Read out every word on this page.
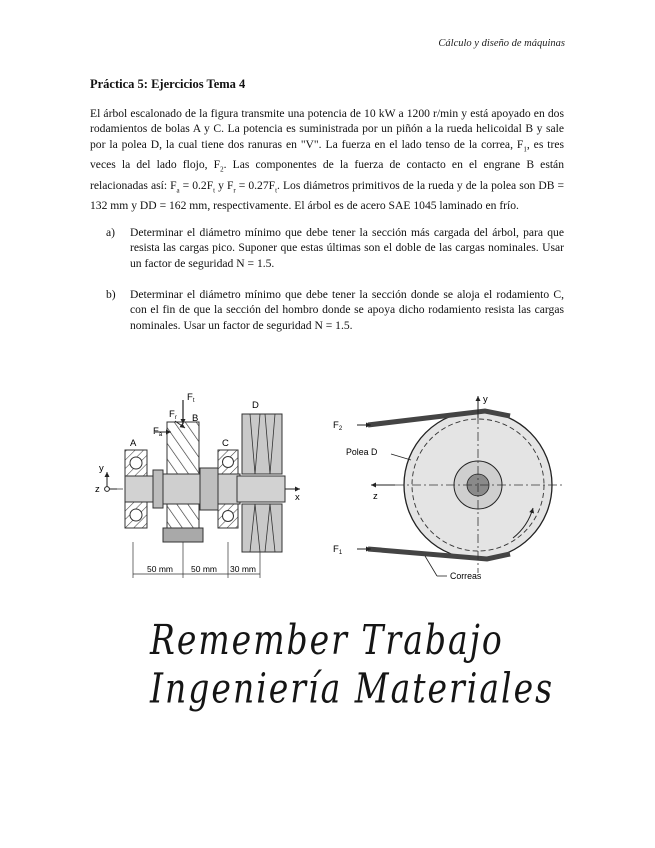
Cálculo y diseño de máquinas
Práctica 5: Ejercicios Tema 4

El árbol escalonado de la figura transmite una potencia de 10 kW a 1200 r/min y está apoyado en dos rodamientos de bolas A y C. La potencia es suministrada por un piñón a la rueda helicoidal B y sale por la polea D, la cual tiene dos ranuras en "V". La fuerza en el lado tenso de la correa, $F_1$, es tres veces la del lado flojo, $F_2$. Las componentes de la fuerza de contacto en el engrane B están relacionadas así: $F_a = 0.2F_t$ y $F_r = 0.27F_t$. Los diámetros primitivos de la rueda y de la polea son DB = 132 mm y DD = 162 mm, respectivamente. El árbol es de acero SAE 1045 laminado en frío.

a) Determinar el diámetro mínimo que debe tener la sección más cargada del árbol, para que resista las cargas pico. Suponer que estas últimas son el doble de las cargas nominales. Usar un factor de seguridad N = 1.5.
b) Determinar el diámetro mínimo que debe tener la sección donde se aloja el rodamiento C, con el fin de que la sección del hombro donde se apoya dicho rodamiento resista las cargas nominales. Usar un factor de seguridad N = 1.5.
$F_t$
$F_r$
$F_a$
B
A	C
D
y
z
x
50 mm 50 mm 30 mm
y
z
$F_2$
$F_1$
Polea D
Correas
Remember Trabajo Ingeniería Materiales
